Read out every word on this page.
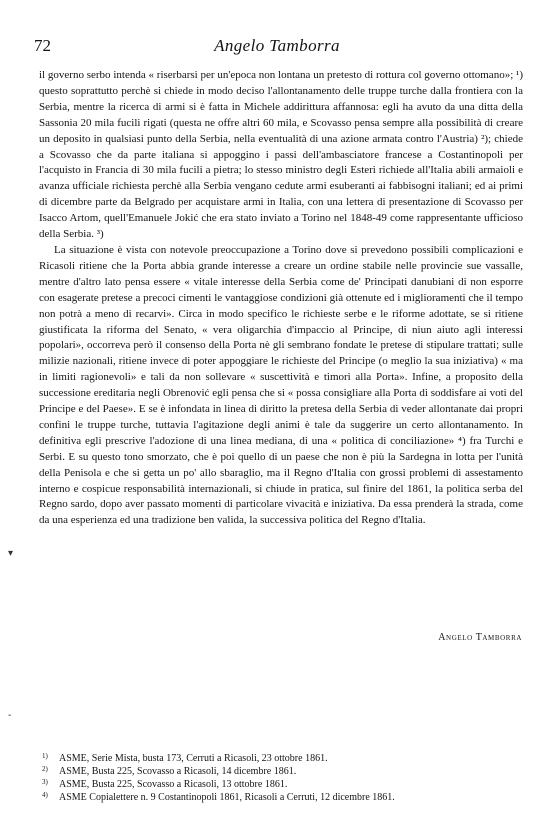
72	Angelo Tamborra

il governo serbo intenda « riserbarsi per un'epoca non lontana un pretesto di rottura col governo ottomano»; ¹) questo soprattutto perchè si chiede in modo deciso l'allontanamento delle truppe turche dalla frontiera con la Serbia, mentre la ricerca di armi si è fatta in Michele addirittura affannosa: egli ha avuto da una ditta della Sassonia 20 mila fucili rigati (questa ne offre altri 60 mila, e Scovasso pensa sempre alla possibilità di creare un deposito in qualsiasi punto della Serbia, nella eventualità di una azione armata contro l'Austria) ²); chiede a Scovasso che da parte italiana si appoggino i passi dell'ambasciatore francese a Costantinopoli per l'acquisto in Francia di 30 mila fucili a pietra; lo stesso ministro degli Esteri richiede all'Italia abili armaioli e avanza ufficiale richiesta perchè alla Serbia vengano cedute armi esuberanti ai fabbisogni italiani; ed ai primi di dicembre parte da Belgrado per acquistare armi in Italia, con una lettera di presentazione di Scovasso per Isacco Artom, quell'Emanuele Jokić che era stato inviato a Torino nel 1848-49 come rappresentante ufficioso della Serbia. ³)

La situazione è vista con notevole preoccupazione a Torino dove si prevedono possibili complicazioni e Ricasoli ritiene che la Porta abbia grande interesse a creare un ordine stabile nelle provincie sue vassalle, mentre d'altro lato pensa essere « vitale interesse della Serbia come de' Principati danubiani di non esporre con esagerate pretese a precoci cimenti le vantaggiose condizioni già ottenute ed i miglioramenti che il tempo non potrà a meno di recarvi». Circa in modo specifico le richieste serbe e le riforme adottate, se si ritiene giustificata la riforma del Senato, « vera oligarchia d'impaccio al Principe, di niun aiuto agli interessi popolari», occorreva però il consenso della Porta nè gli sembrano fondate le pretese di stipulare trattati; sulle milizie nazionali, ritiene invece di poter appoggiare le richieste del Principe (o meglio la sua iniziativa) « ma in limiti ragionevoli» e tali da non sollevare « suscettività e timori alla Porta». Infine, a proposito della successione ereditaria negli Obrenović egli pensa che si « possa consigliare alla Porta di soddisfare ai voti del Principe e del Paese». E se è infondata in linea di diritto la pretesa della Serbia di veder allontanate dai propri confini le truppe turche, tuttavia l'agitazione degli animi è tale da suggerire un certo allontanamento. In definitiva egli prescrive l'adozione di una linea mediana, di una « politica di conciliazione» ⁴) fra Turchi e Serbi. E su questo tono smorzato, che è poi quello di un paese che non è più la Sardegna in lotta per l'unità della Penisola e che si getta un po' allo sbaraglio, ma il Regno d'Italia con grossi problemi di assestamento interno e cospicue responsabilità internazionali, si chiude in pratica, sul finire del 1861, la politica serba del Regno sardo, dopo aver passato momenti di particolare vivacità e iniziativa. Da essa prenderà la strada, come da una esperienza ed una tradizione ben valida, la successiva politica del Regno d'Italia.

▾
‐
Angelo Tamborra
1) ASME, Serie Mista, busta 173, Cerruti a Ricasoli, 23 ottobre 1861.
2) ASME, Busta 225, Scovasso a Ricasoli, 14 dicembre 1861.
3) ASME, Busta 225, Scovasso a Ricasoli, 13 ottobre 1861.
4) ASME Copialettere n. 9 Costantinopoli 1861, Ricasoli a Cerruti, 12 dicembre 1861.
